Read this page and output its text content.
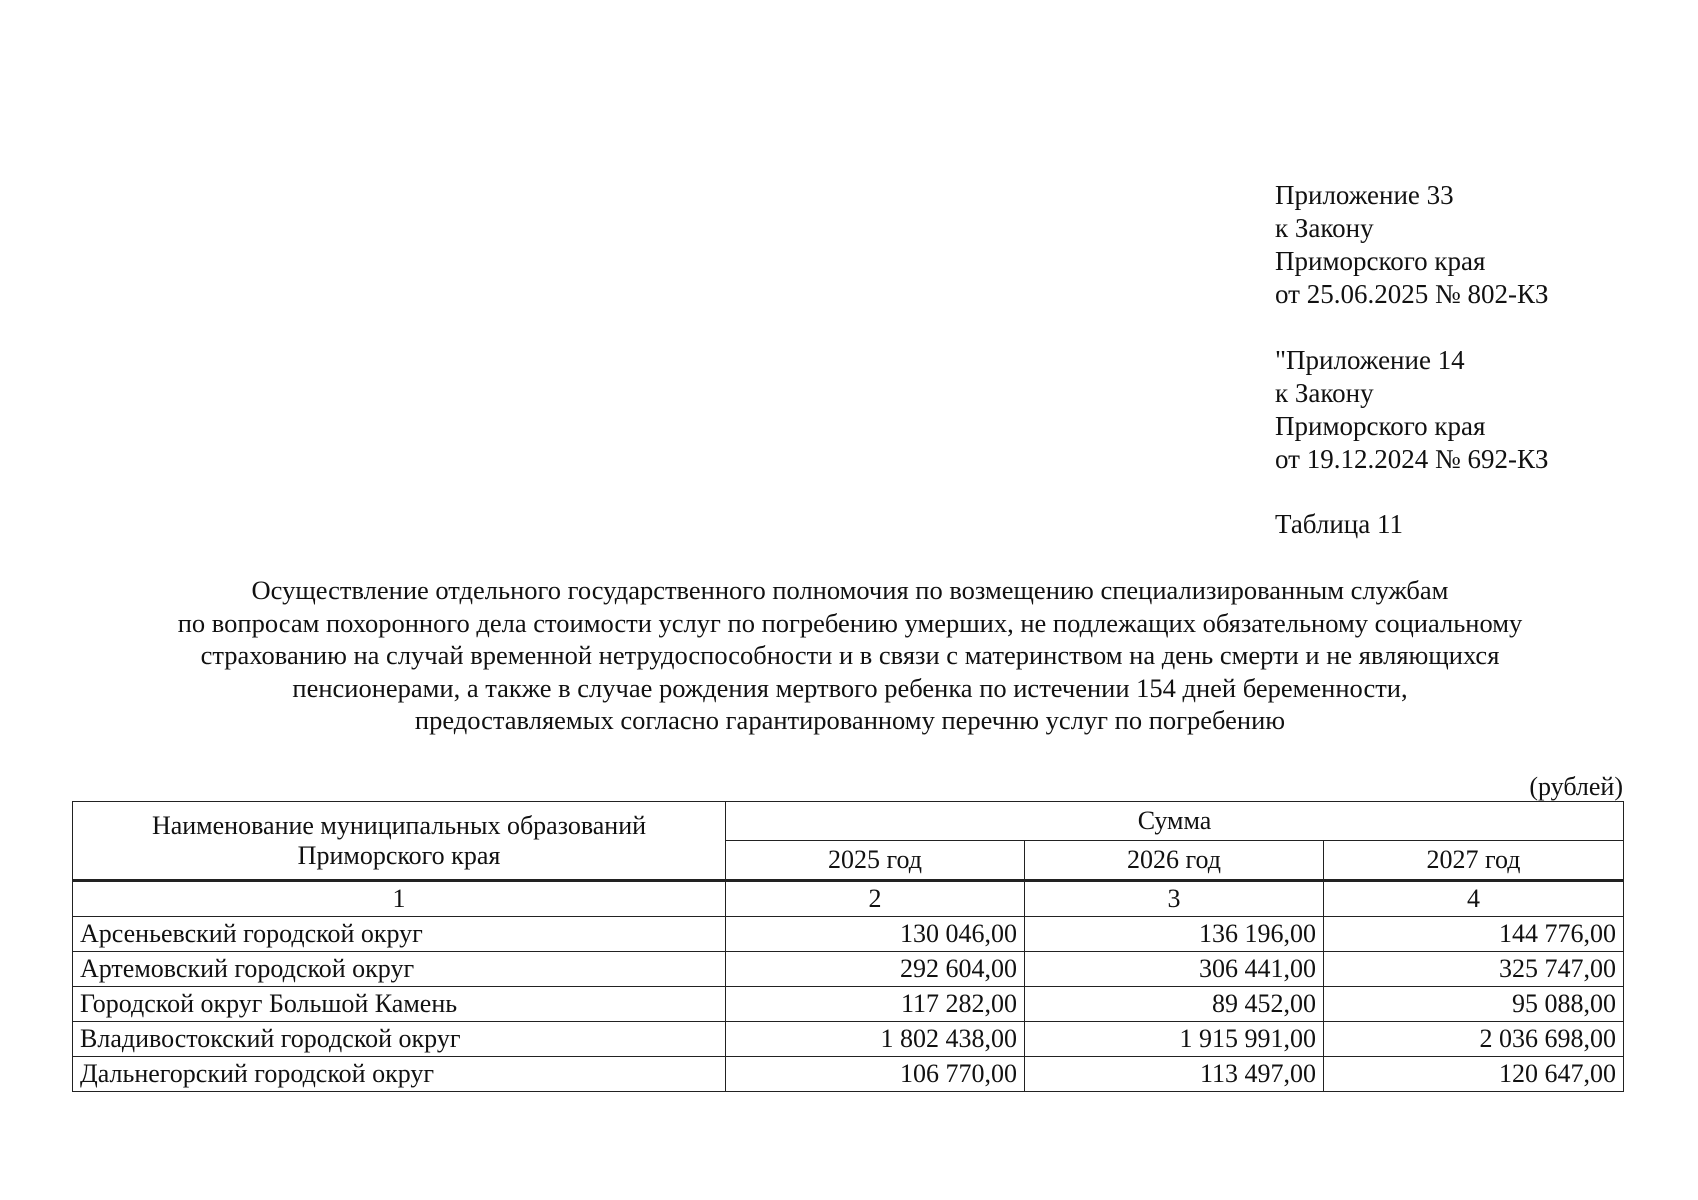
Приложение 33

к Закону

Приморского края

от 25.06.2025 № 802-КЗ

"Приложение 14

к Закону

Приморского края

от 19.12.2024 № 692-КЗ

Таблица 11

Осуществление отдельного государственного полномочия по возмещению специализированным службам

по вопросам похоронного дела стоимости услуг по погребению умерших, не подлежащих обязательному социальному

страхованию на случай временной нетрудоспособности и в связи с материнством на день смерти и не являющихся

пенсионерами, а также в случае рождения мертвого ребенка по истечении 154 дней беременности,

предоставляемых согласно гарантированному перечню услуг по погребению

(рублей)
Наименование муниципальных образований
Приморского края	Сумма		
	2025 год	2026 год	2027 год
1	2	3	4
Арсеньевский городской округ	130 046,00	136 196,00	144 776,00
Артемовский городской округ	292 604,00	306 441,00	325 747,00
Городской округ Большой Камень	117 282,00	89 452,00	95 088,00
Владивостокский городской округ	1 802 438,00	1 915 991,00	2 036 698,00
Дальнегорский городской округ	106 770,00	113 497,00	120 647,00
